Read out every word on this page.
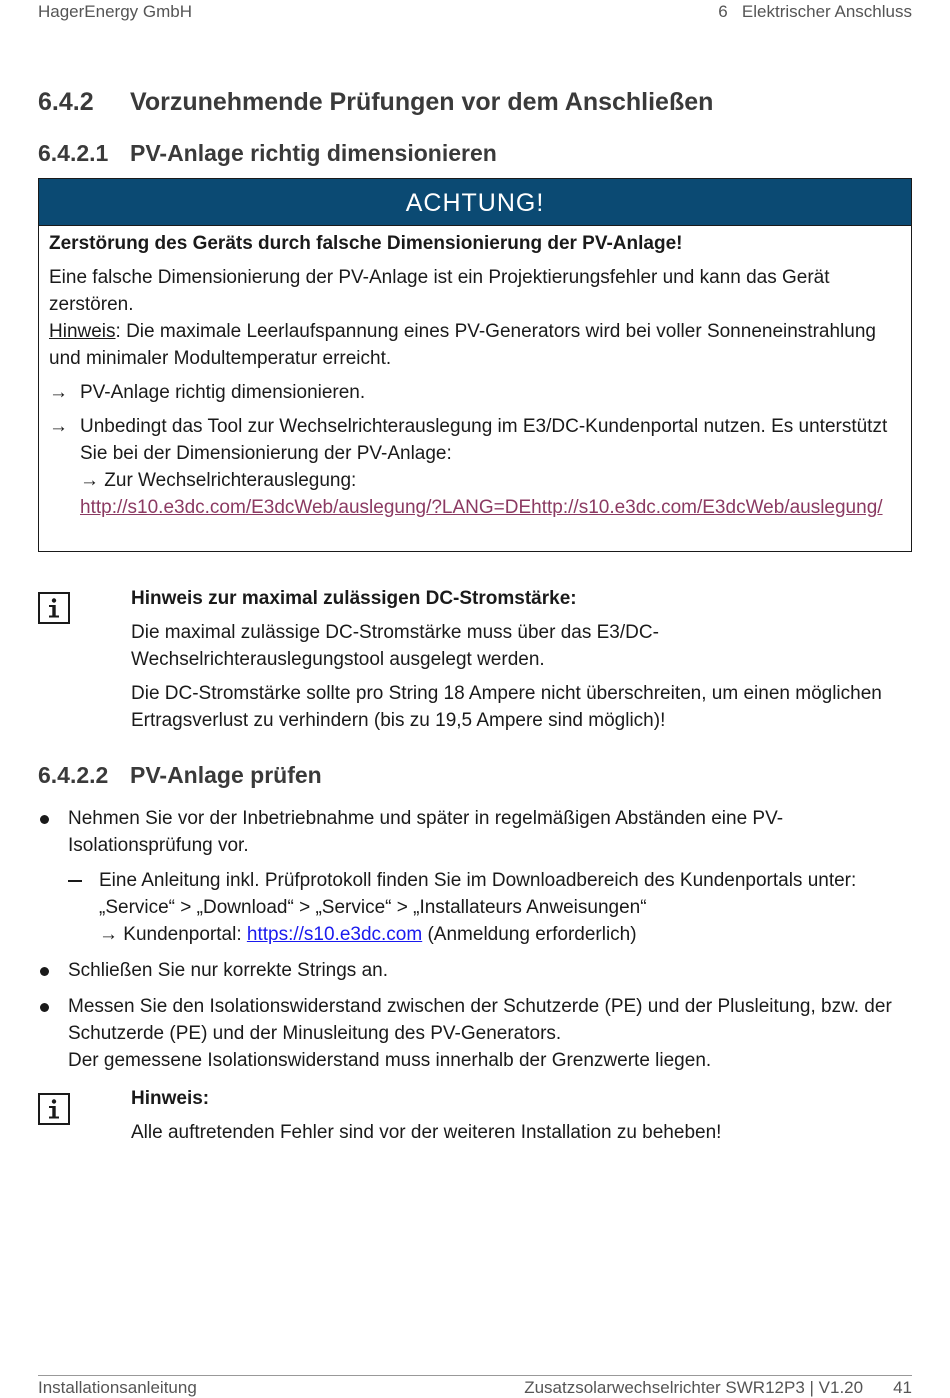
HagerEnergy GmbH	6   Elektrischer Anschluss
6.4.2 Vorzunehmende Prüfungen vor dem Anschließen
6.4.2.1 PV-Anlage richtig dimensionieren
ACHTUNG!

Zerstörung des Geräts durch falsche Dimensionierung der PV-Anlage!

Eine falsche Dimensionierung der PV-Anlage ist ein Projektierungsfehler und kann das Gerät zerstören.

Hinweis: Die maximale Leerlaufspannung eines PV-Generators wird bei voller Sonneneinstrahlung und minimaler Modultemperatur erreicht.

→ PV-Anlage richtig dimensionieren.
→ Unbedingt das Tool zur Wechselrichterauslegung im E3/DC-Kundenportal nutzen. Es unterstützt Sie bei der Dimensionierung der PV-Anlage:
→ Zur Wechselrichterauslegung:
http://s10.e3dc.com/E3dcWeb/auslegung/?LANG=DEhttp://s10.e3dc.com/E3dcWeb/auslegung/

Hinweis zur maximal zulässigen DC-Stromstärke:

Die maximal zulässige DC-Stromstärke muss über das E3/DC-Wechselrichterauslegungstool ausgelegt werden.

Die DC-Stromstärke sollte pro String 18 Ampere nicht überschreiten, um einen möglichen Ertragsverlust zu verhindern (bis zu 19,5 Ampere sind möglich)!

6.4.2.2 PV-Anlage prüfen
Nehmen Sie vor der Inbetriebnahme und später in regelmäßigen Abständen eine PV-Isolationsprüfung vor.
Eine Anleitung inkl. Prüfprotokoll finden Sie im Downloadbereich des Kundenportals unter:
„Service“ > „Download“ > „Service“ > „Installateurs Anweisungen“
→ Kundenportal: https://s10.e3dc.com (Anmeldung erforderlich)
Schließen Sie nur korrekte Strings an.
Messen Sie den Isolationswiderstand zwischen der Schutzerde (PE) und der Plusleitung, bzw. der Schutzerde (PE) und der Minusleitung des PV-Generators.
Der gemessene Isolationswiderstand muss innerhalb der Grenzwerte liegen.

Hinweis:

Alle auftretenden Fehler sind vor der weiteren Installation zu beheben!

Installationsanleitung	Zusatzsolarwechselrichter SWR12P3 | V1.20 41
